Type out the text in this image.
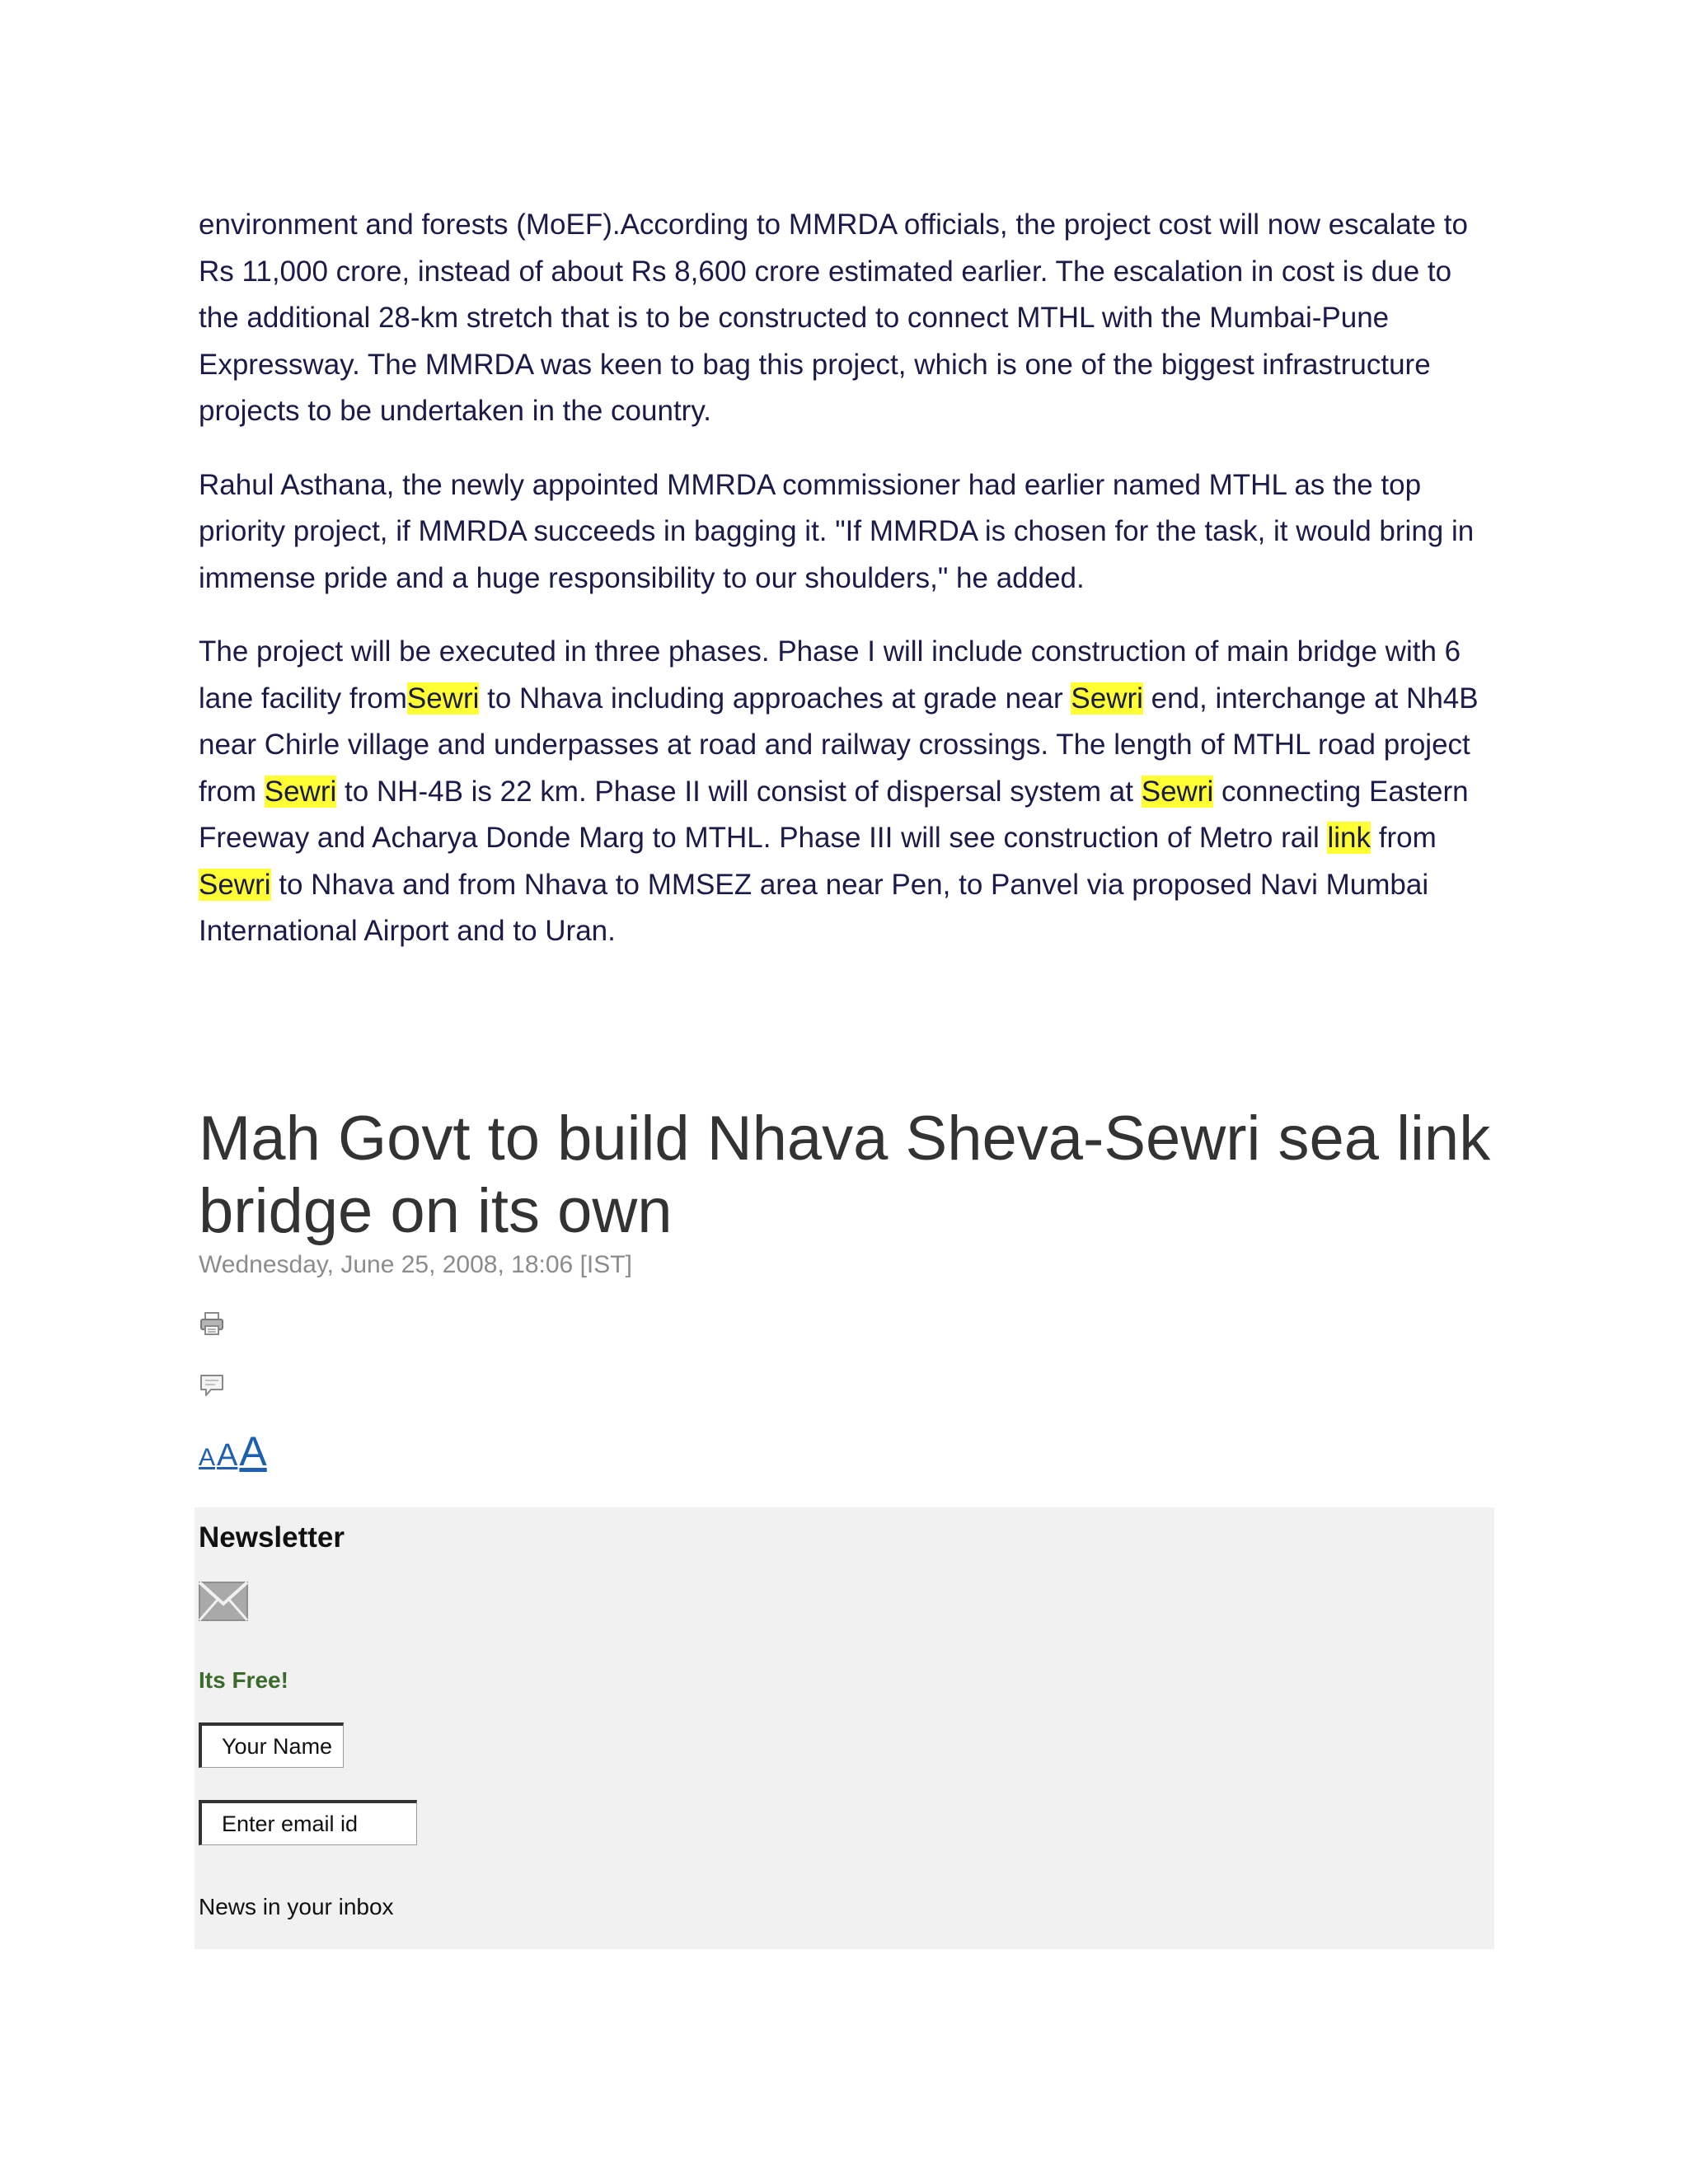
environment and forests (MoEF).According to MMRDA officials, the project cost will now escalate to Rs 11,000 crore, instead of about Rs 8,600 crore estimated earlier. The escalation in cost is due to the additional 28-km stretch that is to be constructed to connect MTHL with the Mumbai-Pune Expressway. The MMRDA was keen to bag this project, which is one of the biggest infrastructure projects to be undertaken in the country.

Rahul Asthana, the newly appointed MMRDA commissioner had earlier named MTHL as the top priority project, if MMRDA succeeds in bagging it. "If MMRDA is chosen for the task, it would bring in immense pride and a huge responsibility to our shoulders," he added.

The project will be executed in three phases. Phase I will include construction of main bridge with 6 lane facility fromSewri to Nhava including approaches at grade near Sewri end, interchange at Nh4B near Chirle village and underpasses at road and railway crossings. The length of MTHL road project from Sewri to NH-4B is 22 km. Phase II will consist of dispersal system at Sewri connecting Eastern Freeway and Acharya Donde Marg to MTHL. Phase III will see construction of Metro rail link from Sewri to Nhava and from Nhava to MMSEZ area near Pen, to Panvel via proposed Navi Mumbai International Airport and to Uran.

Mah Govt to build Nhava Sheva-Sewri sea link bridge on its own
Wednesday, June 25, 2008, 18:06 [IST]
A A A
Newsletter
Its Free!
Your Name
Enter email id
News in your inbox
